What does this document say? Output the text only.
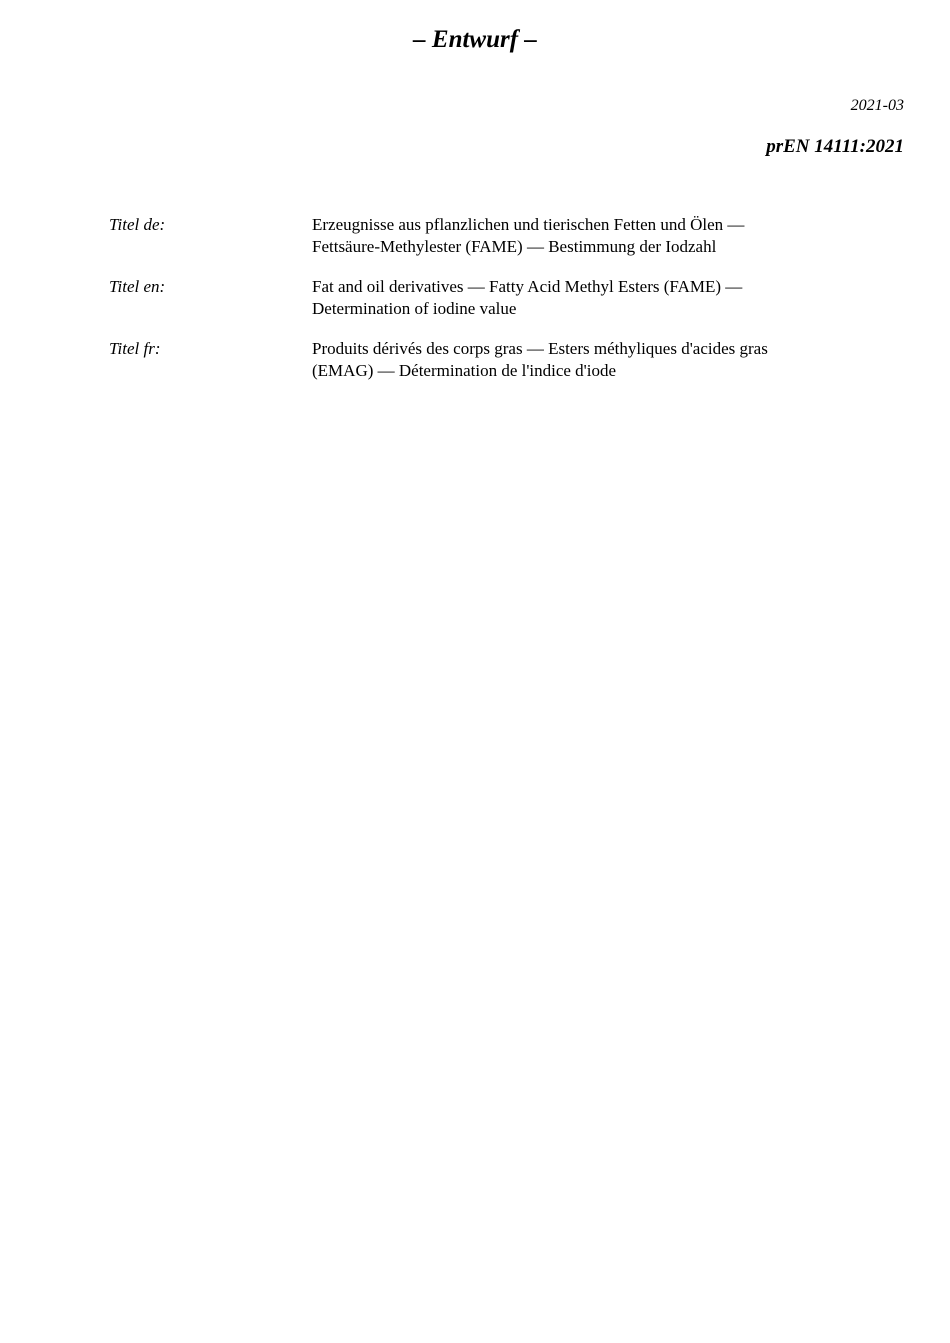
– Entwurf –
2021-03
prEN 14111:2021
Titel de:	Erzeugnisse aus pflanzlichen und tierischen Fetten und Ölen —
Fettsäure-Methylester (FAME) — Bestimmung der Iodzahl
Titel en:	Fat and oil derivatives — Fatty Acid Methyl Esters (FAME) —
Determination of iodine value
Titel fr:	Produits dérivés des corps gras — Esters méthyliques d'acides gras
(EMAG) — Détermination de l'indice d'iode
